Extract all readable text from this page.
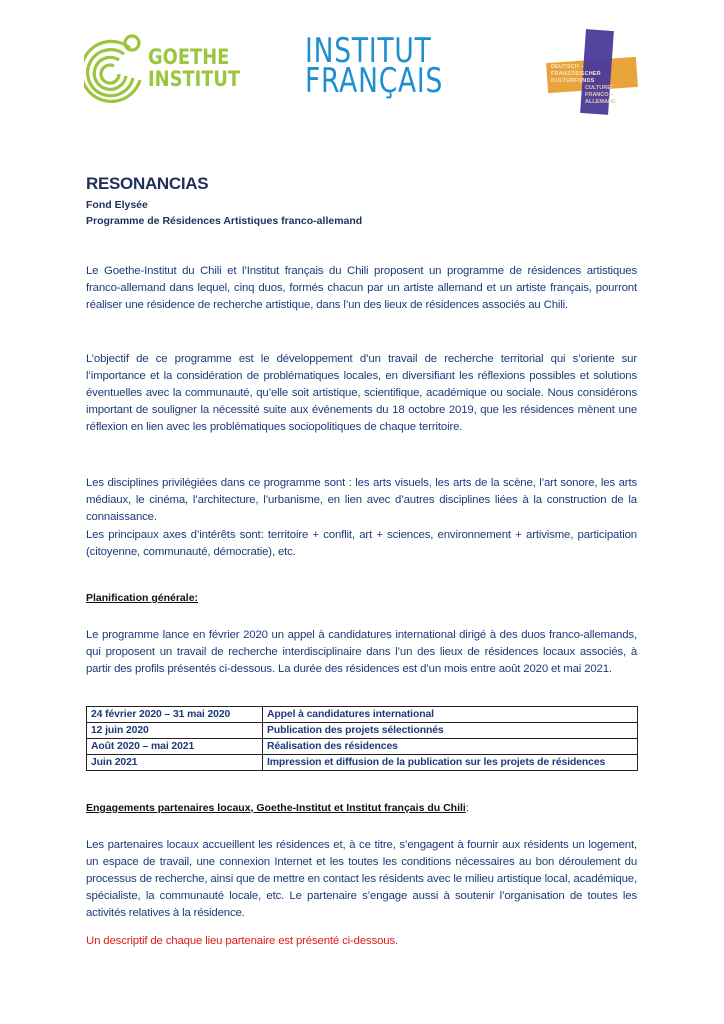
GOETHE
INSTITUT
INSTITUT
FRANÇAIS	DEUTSCH –
FRANZÖSISCHER
KULTURFONDS
CULTUREL
FRANCO –
ALLEMAND
RESONANCIAS
Fond Elysée
Programme de Résidences Artistiques franco-allemand
Le Goethe-Institut du Chili et l’Institut français du Chili proposent un programme de résidences artistiques franco-allemand dans lequel, cinq duos, formés chacun par un artiste allemand et un artiste français, pourront réaliser une résidence de recherche artistique, dans l’un des lieux de résidences associés au Chili.
L’objectif de ce programme est le développement d’un travail de recherche territorial qui s’oriente sur l’importance et la considération de problématiques locales, en diversifiant les réflexions possibles et solutions éventuelles avec la communauté, qu’elle soit artistique, scientifique, académique ou sociale. Nous considérons important de souligner la nécessité suite aux événements du 18 octobre 2019, que les résidences mènent une réflexion en lien avec les problématiques sociopolitiques de chaque territoire.
Les disciplines privilégiées dans ce programme sont : les arts visuels, les arts de la scène, l’art sonore, les arts médiaux, le cinéma, l’architecture, l’urbanisme, en lien avec d’autres disciplines liées à la construction de la connaissance.
Les principaux axes d’intérêts sont: territoire + conflit, art + sciences, environnement + artivisme, participation (citoyenne, communauté, démocratie), etc.
Planification générale:
Le programme lance en février 2020 un appel à candidatures international dirigé à des duos franco-allemands, qui proposent un travail de recherche interdisciplinaire dans l’un des lieux de résidences locaux associés, à partir des profils présentés ci-dessous. La durée des résidences est d’un mois entre août 2020 et mai 2021.
24 février 2020 – 31 mai 2020	Appel à candidatures international
12 juin 2020	Publication des projets sélectionnés
Août 2020 – mai 2021	Réalisation des résidences
Juin 2021	Impression et diffusion de la publication sur les projets de résidences
Engagements partenaires locaux, Goethe-Institut et Institut français du Chili:
Les partenaires locaux accueillent les résidences et, à ce titre, s’engagent à fournir aux résidents un logement, un espace de travail, une connexion Internet et les toutes les conditions nécessaires au bon déroulement du processus de recherche, ainsi que de mettre en contact les résidents avec le milieu artistique local, académique, spécialiste, la communauté locale, etc. Le partenaire s’engage aussi à soutenir l’organisation de toutes les activités relatives à la résidence.
Un descriptif de chaque lieu partenaire est présenté ci-dessous.
